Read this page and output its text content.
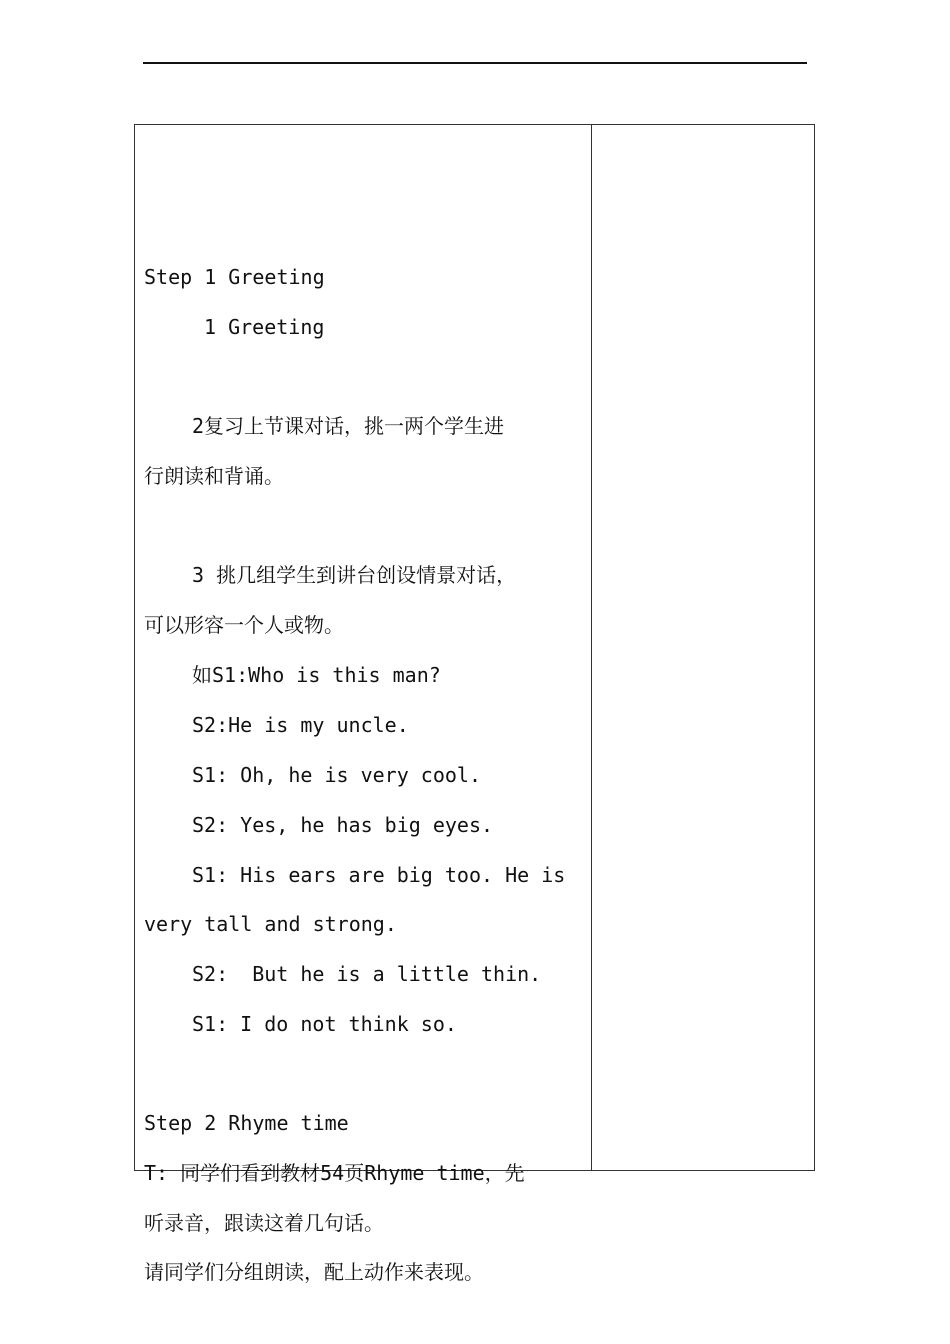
Step 1 Greeting
1 Greeting
2复习上节课对话，挑一两个学生进
行朗读和背诵。
3 挑几组学生到讲台创设情景对话，
可以形容一个人或物。
如S1:Who is this man?
S2:He is my uncle.
S1: Oh, he is very cool.
S2: Yes, he has big eyes.
S1: His ears are big too. He is
very tall and strong.
S2:  But he is a little thin.
S1: I do not think so.
Step 2 Rhyme time
T: 同学们看到教材54页Rhyme time，先
听录音，跟读这着几句话。
请同学们分组朗读，配上动作来表现。
